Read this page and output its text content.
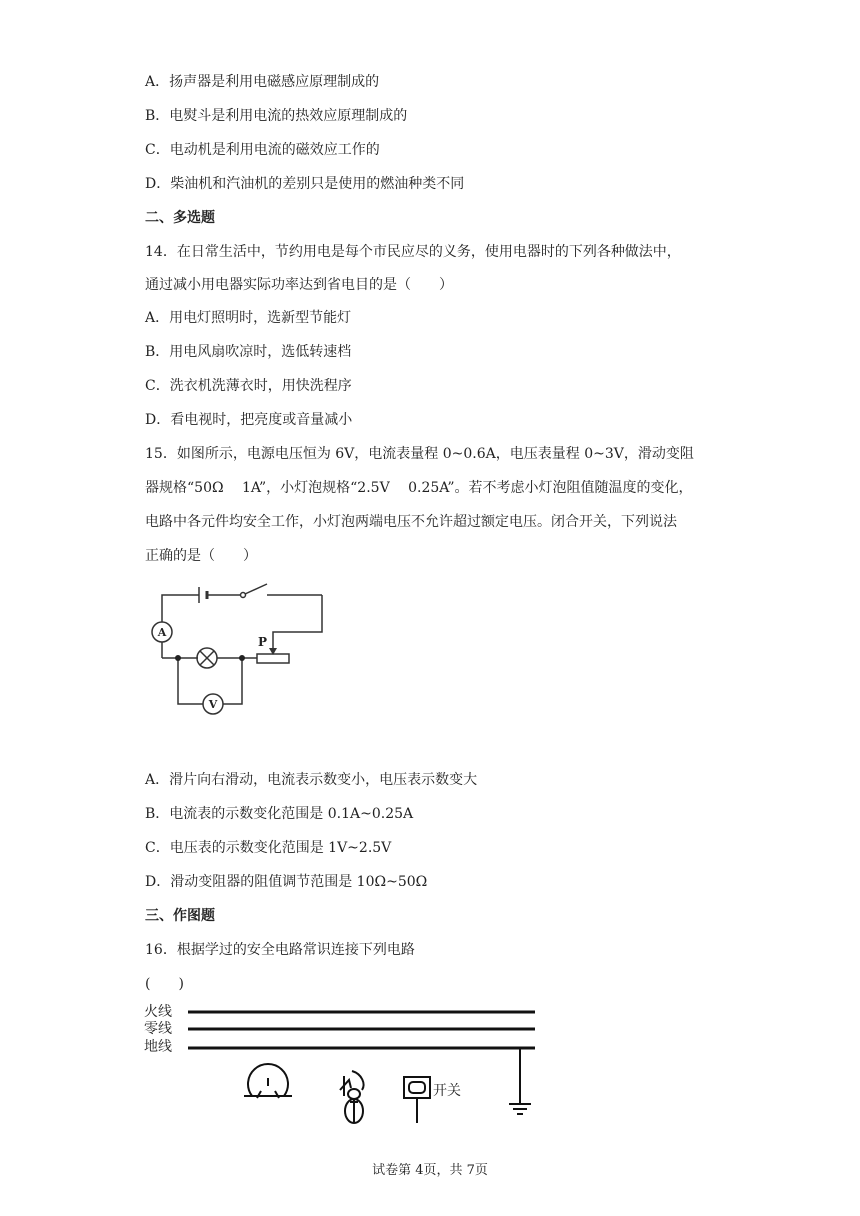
A．扬声器是利用电磁感应原理制成的
B．电熨斗是利用电流的热效应原理制成的
C．电动机是利用电流的磁效应工作的
D．柴油机和汽油机的差别只是使用的燃油种类不同
二、多选题
14．在日常生活中，节约用电是每个市民应尽的义务，使用电器时的下列各种做法中，
通过减小用电器实际功率达到省电目的是（　　）
A．用电灯照明时，选新型节能灯
B．用电风扇吹凉时，选低转速档
C．洗衣机洗薄衣时，用快洗程序
D．看电视时，把亮度或音量减小
15．如图所示，电源电压恒为 6V，电流表量程 0~0.6A，电压表量程 0~3V，滑动变阻
器规格“50Ω　 1A”，小灯泡规格“2.5V　 0.25A”。若不考虑小灯泡阻值随温度的变化，
电路中各元件均安全工作，小灯泡两端电压不允许超过额定电压。闭合开关，下列说法
正确的是（　　）
A
V
P
A．滑片向右滑动，电流表示数变小，电压表示数变大
B．电流表的示数变化范围是 0.1A~0.25A
C．电压表的示数变化范围是 1V~2.5V
D．滑动变阻器的阻值调节范围是 10Ω~50Ω
三、作图题
16．根据学过的安全电路常识连接下列电路
(　　)
火线
零线
地线
开关
试卷第 4页，共 7页
